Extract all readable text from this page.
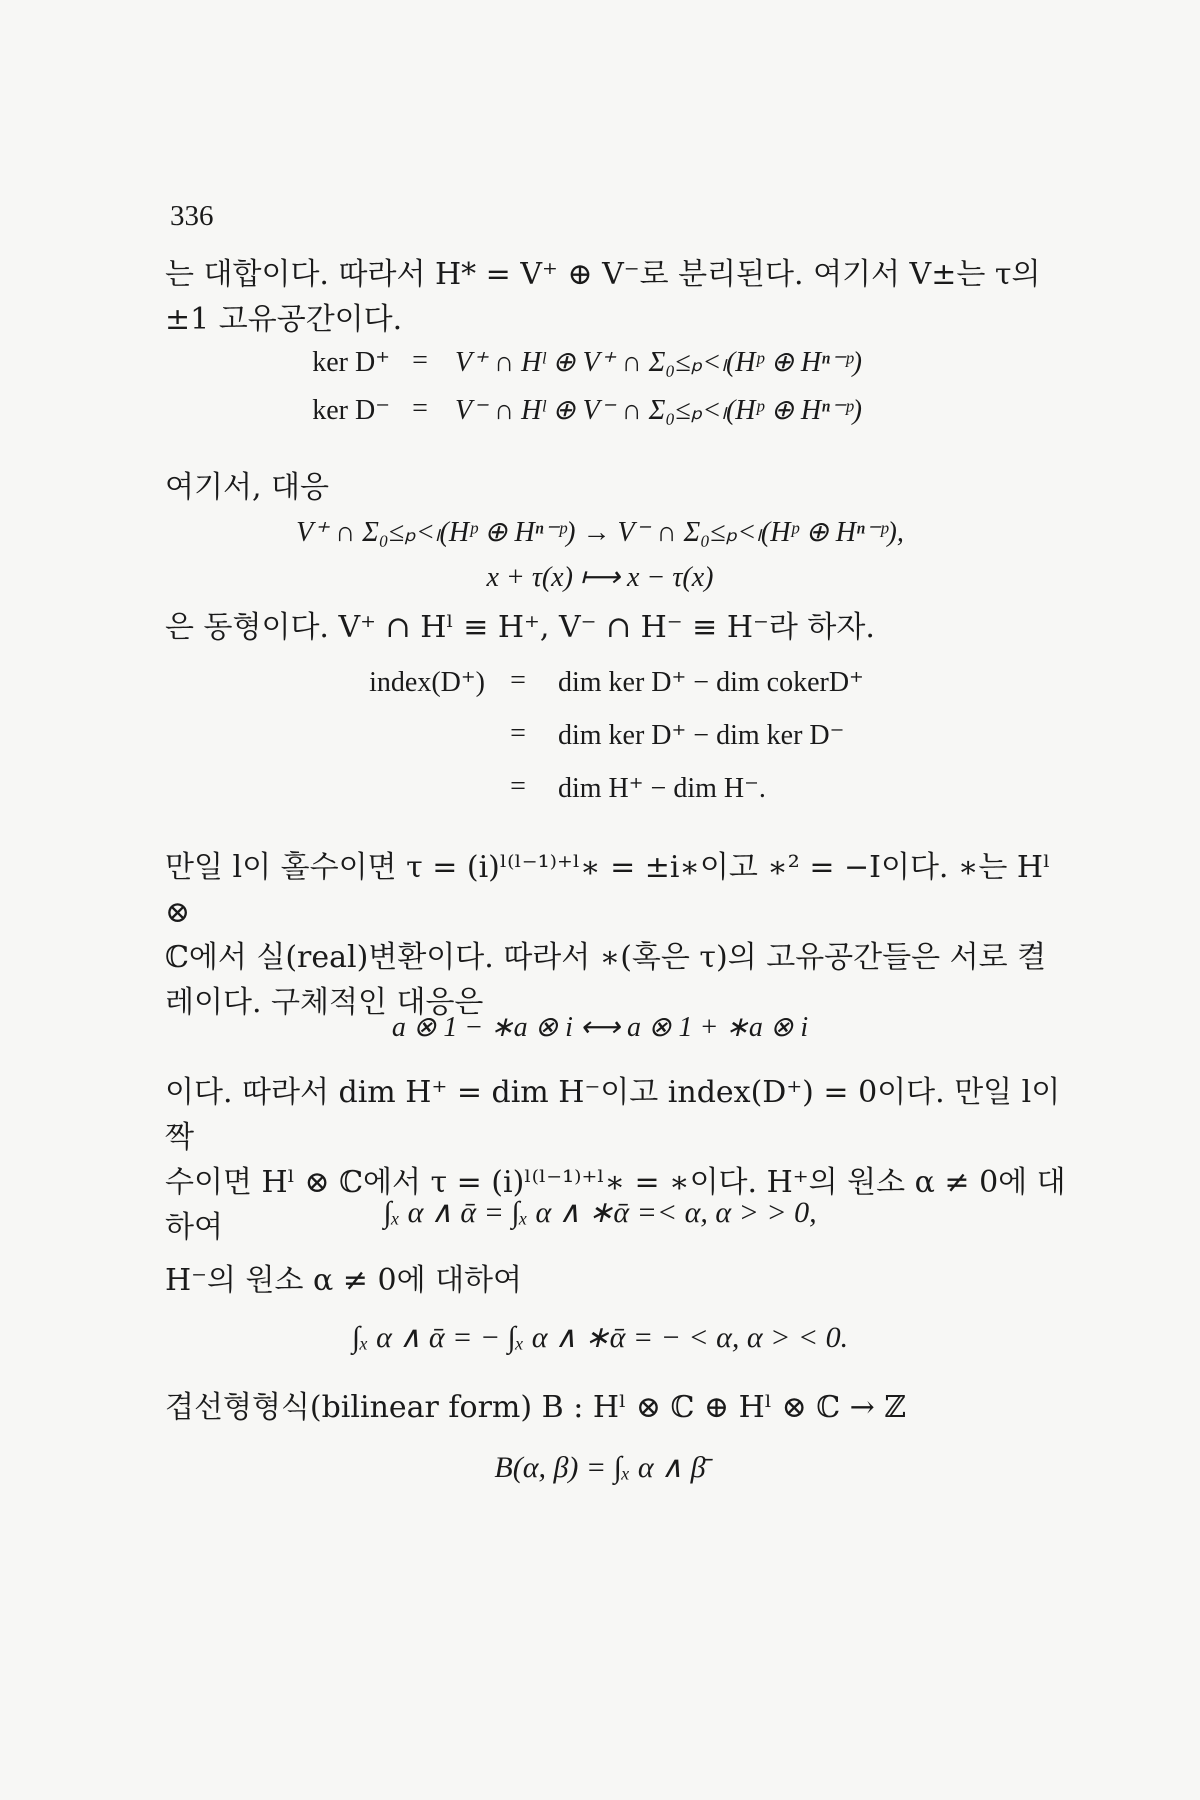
336
는 대합이다. 따라서 H* = V⁺ ⊕ V⁻로 분리된다. 여기서 V±는 τ의
±1 고유공간이다.
ker D⁺ = V⁺ ∩ Hˡ ⊕ V⁺ ∩ Σ₀≤ₚ<ₗ(Hᵖ ⊕ Hⁿ⁻ᵖ)
ker D⁻ = V⁻ ∩ Hˡ ⊕ V⁻ ∩ Σ₀≤ₚ<ₗ(Hᵖ ⊕ Hⁿ⁻ᵖ)
여기서, 대응
V⁺ ∩ Σ₀≤ₚ<ₗ(Hᵖ ⊕ Hⁿ⁻ᵖ) → V⁻ ∩ Σ₀≤ₚ<ₗ(Hᵖ ⊕ Hⁿ⁻ᵖ),
x + τ(x) ⟼ x − τ(x)
은 동형이다. V⁺ ∩ Hˡ ≡ H⁺, V⁻ ∩ H⁻ ≡ H⁻라 하자.
index(D⁺) =	dim ker D⁺ − dim cokerD⁺
=	dim ker D⁺ − dim ker D⁻
=	dim H⁺ − dim H⁻.
만일 l이 홀수이면 τ = (i)ˡ⁽ˡ⁻¹⁾⁺ˡ∗ = ±i∗이고 ∗² = −I이다. ∗는 Hˡ ⊗
ℂ에서 실(real)변환이다. 따라서 ∗(혹은 τ)의 고유공간들은 서로 켤
레이다. 구체적인 대응은
a ⊗ 1 − ∗a ⊗ i ⟷ a ⊗ 1 + ∗a ⊗ i
이다. 따라서 dim H⁺ = dim H⁻이고 index(D⁺) = 0이다. 만일 l이 짝
수이면 Hˡ ⊗ ℂ에서 τ = (i)ˡ⁽ˡ⁻¹⁾⁺ˡ∗ = ∗이다. H⁺의 원소 α ≠ 0에 대
하여	∫ₓ α ∧ ᾱ = ∫ₓ α ∧ ∗ᾱ =< α, α > > 0,
H⁻의 원소 α ≠ 0에 대하여
∫ₓ α ∧ ᾱ = − ∫ₓ α ∧ ∗ᾱ = − < α, α > < 0.
겹선형형식(bilinear form) B : Hˡ ⊗ ℂ ⊕ Hˡ ⊗ ℂ → ℤ
B(α, β) = ∫ₓ α ∧ β̄
